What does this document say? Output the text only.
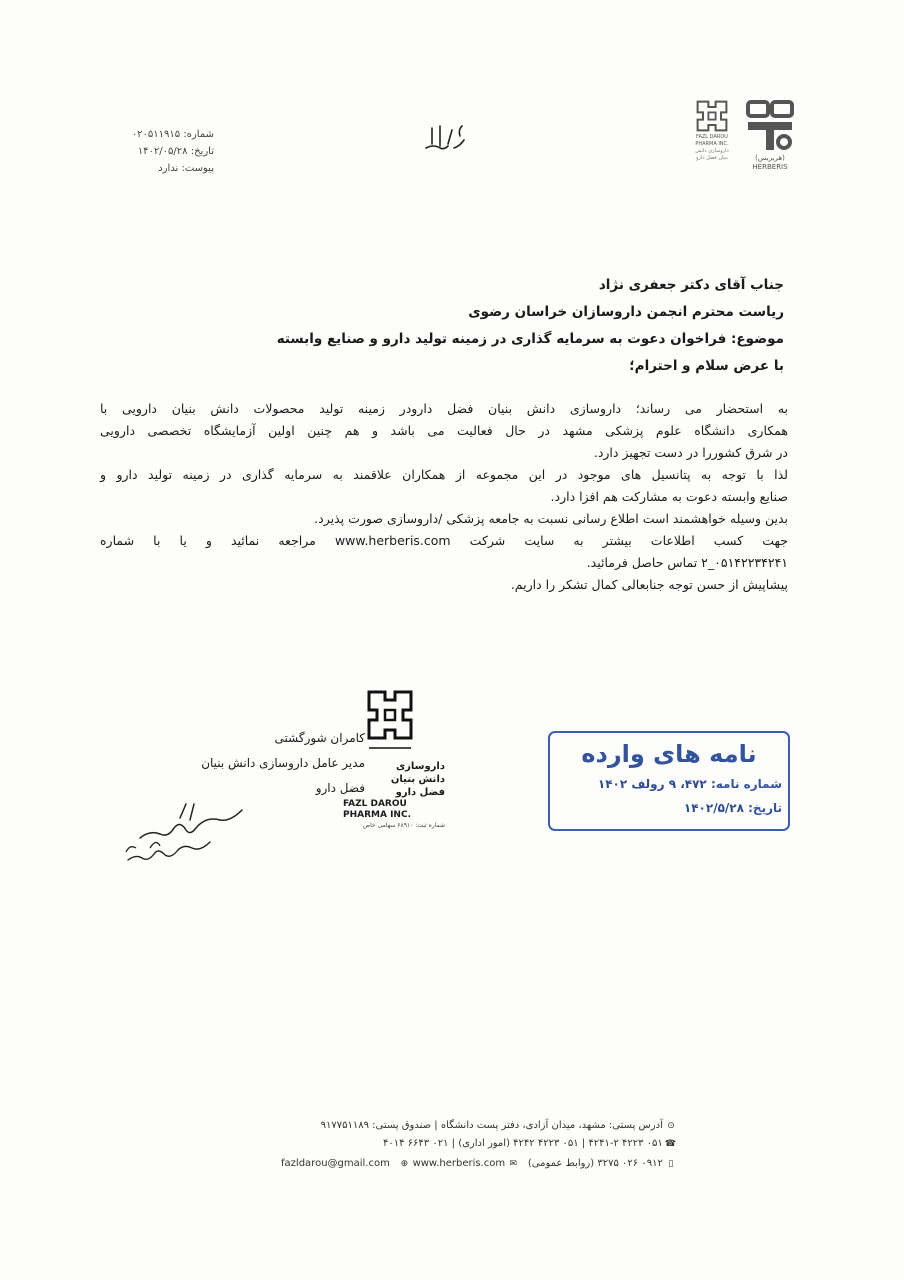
(هربريس)
HERBERIS
FAZL DAROU PHARMA INC.
داروسازی دانش بنیان فضل دارو
شماره: ۰۲۰۵۱۱۹۱۵
تاریخ: ۱۴۰۲/۰۵/۲۸
پیوست: ندارد
جناب آقای دکتر جعفری نژاد
ریاست محترم انجمن داروسازان خراسان رضوی
موضوع: فراخوان دعوت به سرمایه گذاری در زمینه تولید دارو و صنایع وابسته
با عرض سلام و احترام؛
به استحضار می رساند؛ داروسازی دانش بنیان فضل دارودر زمینه تولید محصولات دانش بنیان دارویی با
همکاری دانشگاه علوم پزشکی مشهد در حال فعالیت می باشد و هم چنین اولین آزمایشگاه تخصصی دارویی
در شرق کشوررا در دست تجهیز دارد.
لذا با توجه به پتانسیل های موجود در این مجموعه از همکاران علاقمند به سرمایه گذاری در زمینه تولید دارو و
صنایع وابسته دعوت به مشارکت هم افزا دارد.
بدین وسیله خواهشمند است اطلاع رسانی نسبت به جامعه پزشکی /داروسازی صورت پذیرد.
جهت کسب اطلاعات بیشتر به سایت شرکت www.herberis.com مراجعه نمائید و یا با شماره
۰۵۱۴۲۲۳۴۲۴۱_۲ تماس حاصل فرمائید.
پیشاپیش از حسن توجه جنابعالی کمال تشکر را داریم.
کامران شورگشتی
مدیر عامل داروسازی دانش بنیان
فضل دارو
داروسازی
دانش بنیان
فضل دارو
FAZL DAROU
PHARMA INC.
شماره ثبت: ۶۸۹۱۰ سهامی خاص
نامه های وارده
شماره نامه: ۴۷۲، ۹ رولف ۱۴۰۲
تاریخ: ۱۴۰۲/۵/۲۸
⊙ آدرس پستی: مشهد، میدان آزادی، دفتر پست دانشگاه | صندوق پستی: ۹۱۷۷۵۱۱۸۹
☎ ۰۵۱ ۴۲۲۳ ۴۲۴۱-۲ | ۰۵۱ ۴۲۲۳ ۴۲۴۲ (امور اداری) | ۰۲۱ ۶۶۴۳ ۴۰۱۴
▯ ۰۹۱۲ ۰۲۶ ۳۲۷۵ (روابط عمومی)   ✉ fazldarou@gmail.com ⊕ www.herberis.com
